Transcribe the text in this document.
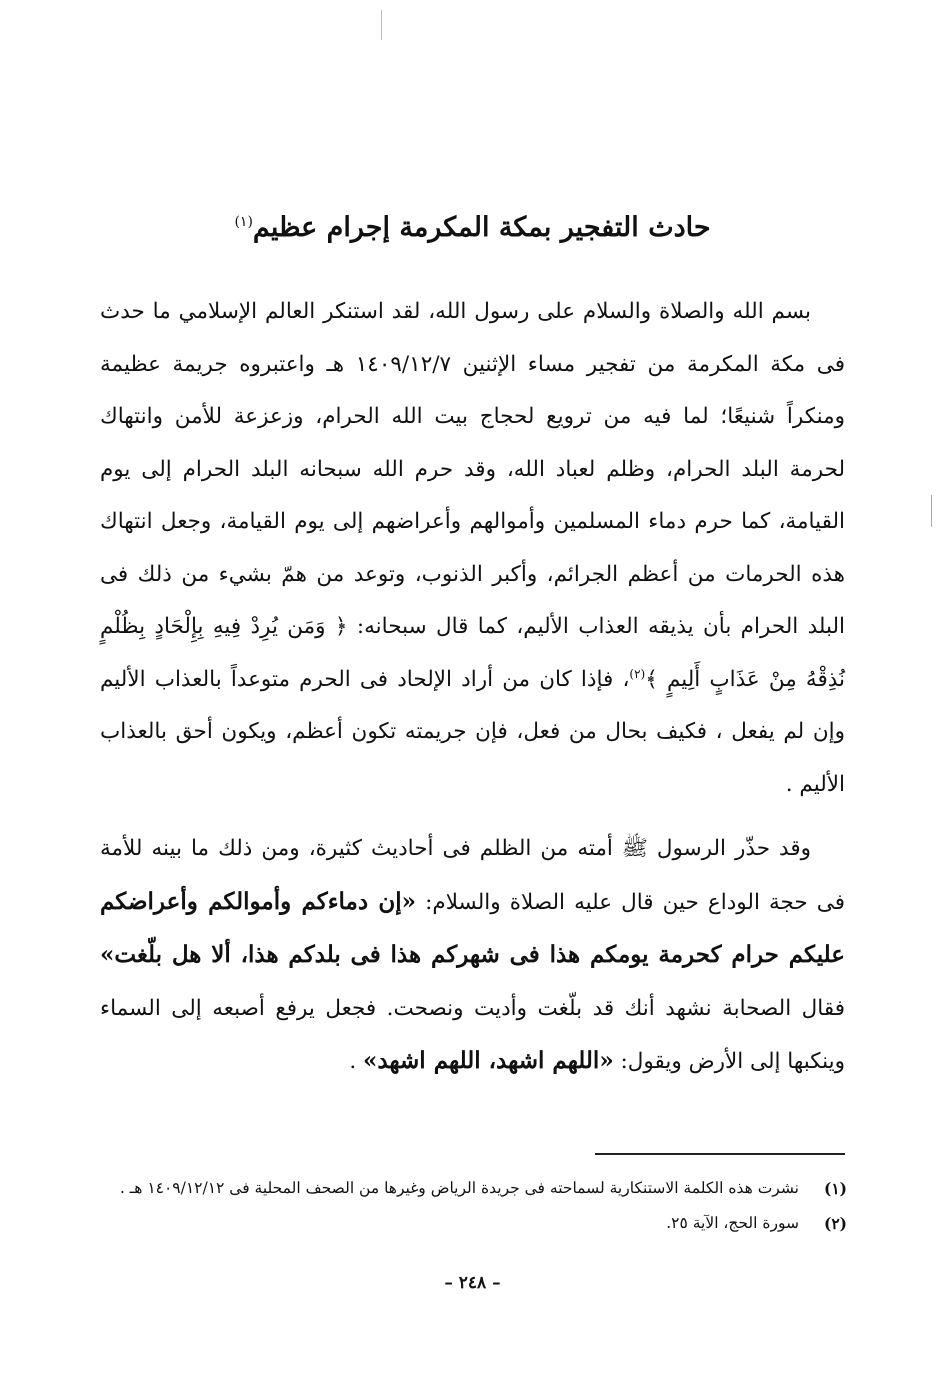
حادث التفجير بمكة المكرمة إجرام عظيم$^{(١)}$

بسم الله والصلاة والسلام على رسول الله، لقد استنكر العالم الإسلامي ما حدث فى مكة المكرمة من تفجير مساء الإثنين ١٤٠٩/١٢/٧ هـ واعتبروه جريمة عظيمة ومنكراً شنيعًا؛ لما فيه من ترويع لحجاج بيت الله الحرام، وزعزعة للأمن وانتهاك لحرمة البلد الحرام، وظلم لعباد الله، وقد حرم الله سبحانه البلد الحرام إلى يوم القيامة، كما حرم دماء المسلمين وأموالهم وأعراضهم إلى يوم القيامة، وجعل انتهاك هذه الحرمات من أعظم الجرائم، وأكبر الذنوب، وتوعد من همّ بشيء من ذلك فى البلد الحرام بأن يذيقه العذاب الأليم، كما قال سبحانه: ﴿ وَمَن يُرِدْ فِيهِ بِإِلْحَادٍ بِظُلْمٍ نُذِقْهُ مِنْ عَذَابٍ أَلِيمٍ ﴾$^{(٢)}$، فإذا كان من أراد الإلحاد فى الحرم متوعداً بالعذاب الأليم وإن لم يفعل ، فكيف بحال من فعل، فإن جريمته تكون أعظم، ويكون أحق بالعذاب الأليم .

وقد حذّر الرسول ﷺ أمته من الظلم فى أحاديث كثيرة، ومن ذلك ما بينه للأمة فى حجة الوداع حين قال عليه الصلاة والسلام: «إن دماءكم وأموالكم وأعراضكم عليكم حرام كحرمة يومكم هذا فى شهركم هذا فى بلدكم هذا، ألا هل بلّغت» فقال الصحابة نشهد أنك قد بلّغت وأديت ونصحت. فجعل يرفع أصبعه إلى السماء وينكبها إلى الأرض ويقول: «اللهم اشهد، اللهم اشهد» .

(١)
نشرت هذه الكلمة الاستنكارية لسماحته فى جريدة الرياض وغيرها من الصحف المحلية فى ١٤٠٩/١٢/١٢ هـ .

(٢)
سورة الحج، الآية ٢٥.

– ٢٤٨ –
